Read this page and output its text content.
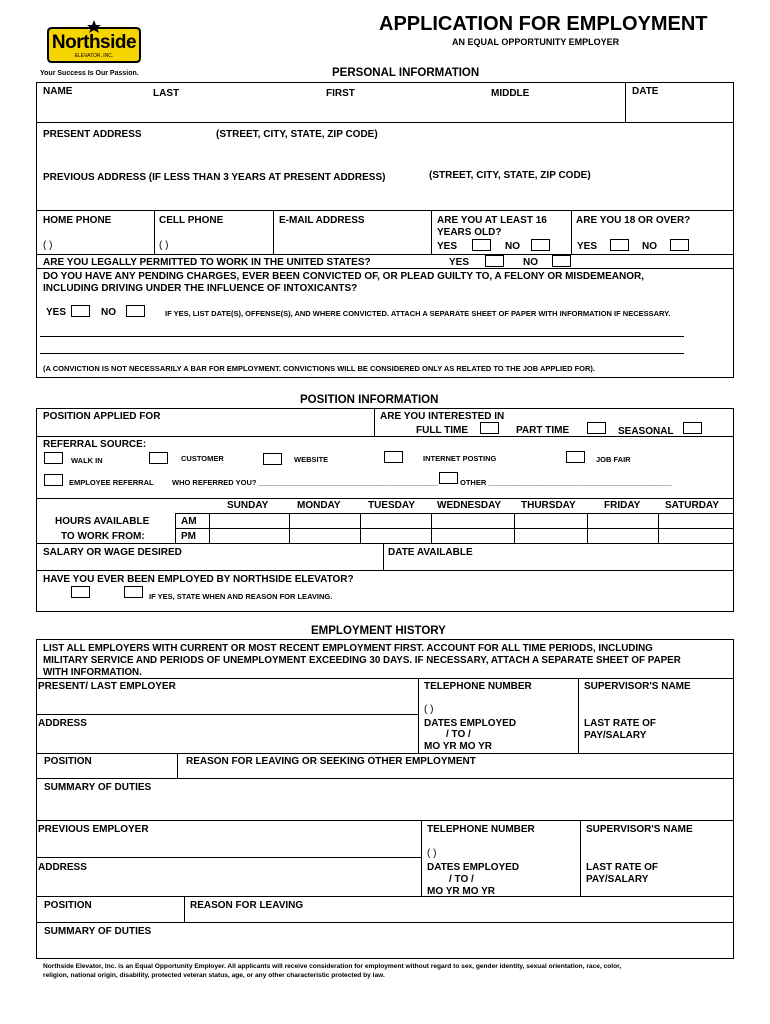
Northside
ELEVATOR, INC.
Your Success Is Our Passion.
APPLICATION FOR EMPLOYMENT
AN EQUAL OPPORTUNITY EMPLOYER
PERSONAL INFORMATION
NAME	LAST	FIRST	MIDDLE	DATE
PRESENT ADDRESS	(STREET, CITY, STATE, ZIP CODE)
PREVIOUS ADDRESS (IF LESS THAN 3 YEARS AT PRESENT ADDRESS)	(STREET, CITY, STATE, ZIP CODE)
HOME PHONE
( )
CELL PHONE
( )
E-MAIL ADDRESS	ARE YOU AT LEAST 16
YEARS OLD?
YES	NO
ARE YOU 18 OR OVER?
YES	NO
ARE YOU LEGALLY PERMITTED TO WORK IN THE UNITED STATES?	YES	NO
DO YOU HAVE ANY PENDING CHARGES, EVER BEEN CONVICTED OF, OR PLEAD GUILTY TO, A FELONY OR MISDEMEANOR,
INCLUDING DRIVING UNDER THE INFLUENCE OF INTOXICANTS?
YES	NO	IF YES, LIST DATE(S), OFFENSE(S), AND WHERE CONVICTED. ATTACH A SEPARATE SHEET OF PAPER WITH INFORMATION IF NECESSARY.
(A CONVICTION IS NOT NECESSARILY A BAR FOR EMPLOYMENT. CONVICTIONS WILL BE CONSIDERED ONLY AS RELATED TO THE JOB APPLIED FOR).
POSITION INFORMATION
POSITION APPLIED FOR	ARE YOU INTERESTED IN
FULL TIME	PART TIME	SEASONAL
REFERRAL SOURCE:
WALK IN	CUSTOMER	WEBSITE	INTERNET POSTING	JOB FAIR
EMPLOYEE REFERRAL WHO REFERRED YOU? ___________________________________________	OTHER ____________________________________________
SUNDAY	MONDAY	TUESDAY WEDNESDAY THURSDAY	FRIDAY SATURDAY
HOURS AVAILABLE
TO WORK FROM:
AM
PM
SALARY OR WAGE DESIRED	DATE AVAILABLE
HAVE YOU EVER BEEN EMPLOYED BY NORTHSIDE ELEVATOR?
IF YES, STATE WHEN AND REASON FOR LEAVING.
EMPLOYMENT HISTORY
LIST ALL EMPLOYERS WITH CURRENT OR MOST RECENT EMPLOYMENT FIRST. ACCOUNT FOR ALL TIME PERIODS, INCLUDING
MILITARY SERVICE AND PERIODS OF UNEMPLOYMENT EXCEEDING 30 DAYS. IF NECESSARY, ATTACH A SEPARATE SHEET OF PAPER
WITH INFORMATION.
PRESENT/ LAST EMPLOYER	TELEPHONE NUMBER
( )
SUPERVISOR'S NAME
ADDRESS	DATES EMPLOYED
/ TO /
MO YR MO YR
LAST RATE OF
PAY/SALARY
POSITION	REASON FOR LEAVING OR SEEKING OTHER EMPLOYMENT
SUMMARY OF DUTIES
PREVIOUS EMPLOYER	TELEPHONE NUMBER
( )
SUPERVISOR'S NAME
ADDRESS	DATES EMPLOYED
/ TO /
MO YR MO YR
LAST RATE OF
PAY/SALARY
POSITION	REASON FOR LEAVING
SUMMARY OF DUTIES
Northside Elevator, Inc. is an Equal Opportunity Employer. All applicants will receive consideration for employment without regard to sex, gender identity, sexual orientation, race, color,
religion, national origin, disability, protected veteran status, age, or any other characteristic protected by law.
